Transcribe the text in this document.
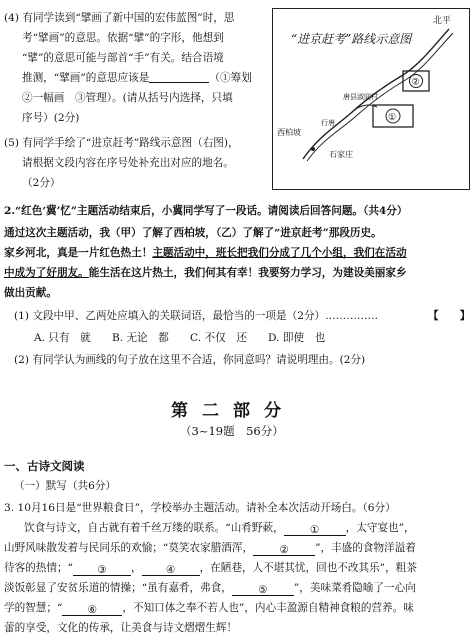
(4) 有同学读到“擘画了新中国的宏伟蓝图”时，思
考“擘画”的意思。依据“擘”的字形，他想到
“擘”的意思可能与部首“手”有关。结合语境
推测，“擘画”的意思应该是	（①筹划
②一幅画　③管理）。(请从括号内选择，只填
序号）(2分)
(5) 有同学手绘了“进京赶考”路线示意图（右图)，
请根据文段内容在序号处补充出对应的地名。
（2分）
“进京赶考”路线示意图
北平
②
①
唐县淑闾村
西柏坡
行唐
石家庄
2.“红色‘冀’忆”主题活动结束后，小冀同学写了一段话。请阅读后回答问题。（共4分）
通过这次主题活动，我（甲）了解了西柏坡，（乙）了解了“进京赶考”那段历史。
家乡河北，真是一片红色热土！主题活动中，班长把我们分成了几个小组，我们在活动
中成为了好朋友。能生活在这片热土，我们何其有幸！我要努力学习，为建设美丽家乡
做出贡献。
(1) 文段中甲、乙两处应填入的关联词语，最恰当的一项是（2分）……………	【　　】
A. 只有　就　　B. 无论　都　　C. 不仅　还　　D. 即使　也
(2) 有同学认为画线的句子放在这里不合适，你同意吗？请说明理由。(2分)
第二部分
（3~19题　56分）
一、古诗文阅读
（一）默写（共6分）
3. 10月16日是“世界粮食日”，学校举办主题活动。请补全本次活动开场白。（6分）
饮食与诗文，自古就有着千丝万缕的联系。“山肴野蔌， ① ，太守宴也”，
山野风味散发着与民同乐的欢愉；“莫笑农家腊酒浑， ② ”，丰盛的食物洋溢着
待客的热情；“ ③ ， ④ ，在陋巷，人不堪其忧，回也不改其乐”，粗茶
淡饭彰显了安贫乐道的情操；“虽有嘉肴，弗食， ⑤ ”，美味菜肴隐喻了一心向
学的智慧；“ ⑥ ，不知口体之奉不若人也”，内心丰盈源自精神食粮的营养。味
蕾的享受，文化的传承，让美食与诗文熠熠生辉！
